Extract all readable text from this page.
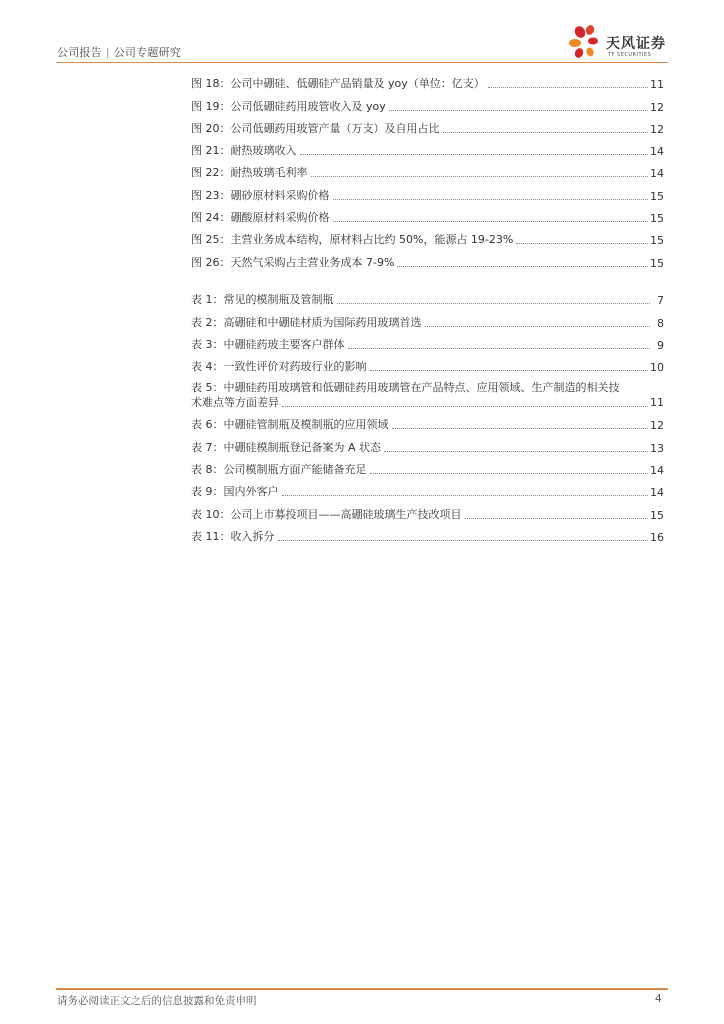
公司报告 | 公司专题研究
天风证券
TF SECURITIES
图 18：公司中硼硅、低硼硅产品销量及 yoy（单位：亿支）	11
图 19：公司低硼硅药用玻管收入及 yoy	12
图 20：公司低硼药用玻管产量（万支）及自用占比	12
图 21：耐热玻璃收入	14
图 22：耐热玻璃毛利率	14
图 23：硼砂原材料采购价格	15
图 24：硼酸原材料采购价格	15
图 25：主营业务成本结构，原材料占比约 50%，能源占 19-23%	15
图 26：天然气采购占主营业务成本 7-9%	15
表 1：常见的模制瓶及管制瓶	7
表 2：高硼硅和中硼硅材质为国际药用玻璃首选	8
表 3：中硼硅药玻主要客户群体	9
表 4：一致性评价对药玻行业的影响	10
表 5：中硼硅药用玻璃管和低硼硅药用玻璃管在产品特点、应用领域、生产制造的相关技
术难点等方面差异	11
表 6：中硼硅管制瓶及模制瓶的应用领域	12
表 7：中硼硅模制瓶登记备案为 A 状态	13
表 8：公司模制瓶方面产能储备充足	14
表 9：国内外客户	14
表 10：公司上市募投项目——高硼硅玻璃生产技改项目	15
表 11：收入拆分	16
请务必阅读正文之后的信息披露和免责申明	4
